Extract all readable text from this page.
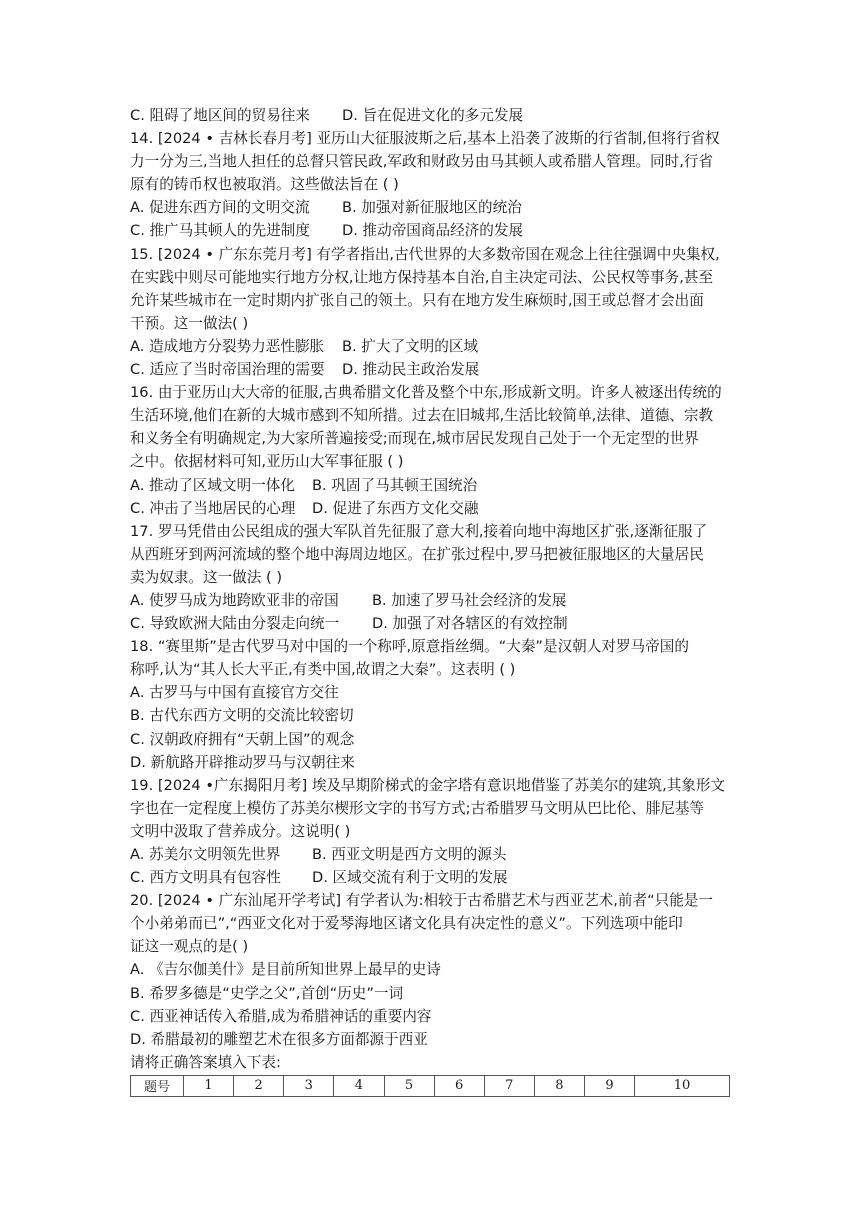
C. 阻碍了地区间的贸易往来	D. 旨在促进文化的多元发展
14. [2024 • 吉林长春月考] 亚历山大征服波斯之后,基本上沿袭了波斯的行省制,但将行省权
力一分为三,当地人担任的总督只管民政,军政和财政另由马其顿人或希腊人管理。同时,行省
原有的铸币权也被取消。这些做法旨在 ( )
A. 促进东西方间的文明交流	B. 加强对新征服地区的统治
C. 推广马其顿人的先进制度	D. 推动帝国商品经济的发展
15. [2024 • 广东东莞月考] 有学者指出,古代世界的大多数帝国在观念上往往强调中央集权,
在实践中则尽可能地实行地方分权,让地方保持基本自治,自主决定司法、公民权等事务,甚至
允许某些城市在一定时期内扩张自己的领土。只有在地方发生麻烦时,国王或总督才会出面
干预。这一做法( )
A. 造成地方分裂势力恶性膨胀	B. 扩大了文明的区域
C. 适应了当时帝国治理的需要	D. 推动民主政治发展
16. 由于亚历山大大帝的征服,古典希腊文化普及整个中东,形成新文明。许多人被逐出传统的
生活环境,他们在新的大城市感到不知所措。过去在旧城邦,生活比较简单,法律、道德、宗教
和义务全有明确规定,为大家所普遍接受;而现在,城市居民发现自己处于一个无定型的世界
之中。依据材料可知,亚历山大军事征服 ( )
A. 推动了区域文明一体化	B. 巩固了马其顿王国统治
C. 冲击了当地居民的心理	D. 促进了东西方文化交融
17. 罗马凭借由公民组成的强大军队首先征服了意大利,接着向地中海地区扩张,逐渐征服了
从西班牙到两河流域的整个地中海周边地区。在扩张过程中,罗马把被征服地区的大量居民
卖为奴隶。这一做法 ( )
A. 使罗马成为地跨欧亚非的帝国	B. 加速了罗马社会经济的发展
C. 导致欧洲大陆由分裂走向统一	D. 加强了对各辖区的有效控制
18. “赛里斯”是古代罗马对中国的一个称呼,原意指丝绸。“大秦”是汉朝人对罗马帝国的
称呼,认为“其人长大平正,有类中国,故谓之大秦”。这表明 ( )
A. 古罗马与中国有直接官方交往
B. 古代东西方文明的交流比较密切
C. 汉朝政府拥有“天朝上国”的观念
D. 新航路开辟推动罗马与汉朝往来
19. [2024 •广东揭阳月考] 埃及早期阶梯式的金字塔有意识地借鉴了苏美尔的建筑,其象形文
字也在一定程度上模仿了苏美尔楔形文字的书写方式;古希腊罗马文明从巴比伦、腓尼基等
文明中汲取了营养成分。这说明( )
A. 苏美尔文明领先世界	B. 西亚文明是西方文明的源头
C. 西方文明具有包容性	D. 区域交流有利于文明的发展
20. [2024 • 广东汕尾开学考试] 有学者认为:相较于古希腊艺术与西亚艺术,前者“只能是一
个小弟弟而已”,“西亚文化对于爱琴海地区诸文化具有决定性的意义”。下列选项中能印
证这一观点的是( )
A. 《吉尔伽美什》是目前所知世界上最早的史诗
B. 希罗多德是“史学之父”,首创“历史”一词
C. 西亚神话传入希腊,成为希腊神话的重要内容
D. 希腊最初的雕塑艺术在很多方面都源于西亚
请将正确答案填入下表:
题号	1	2	3	4	5	6	7	8	9	10
